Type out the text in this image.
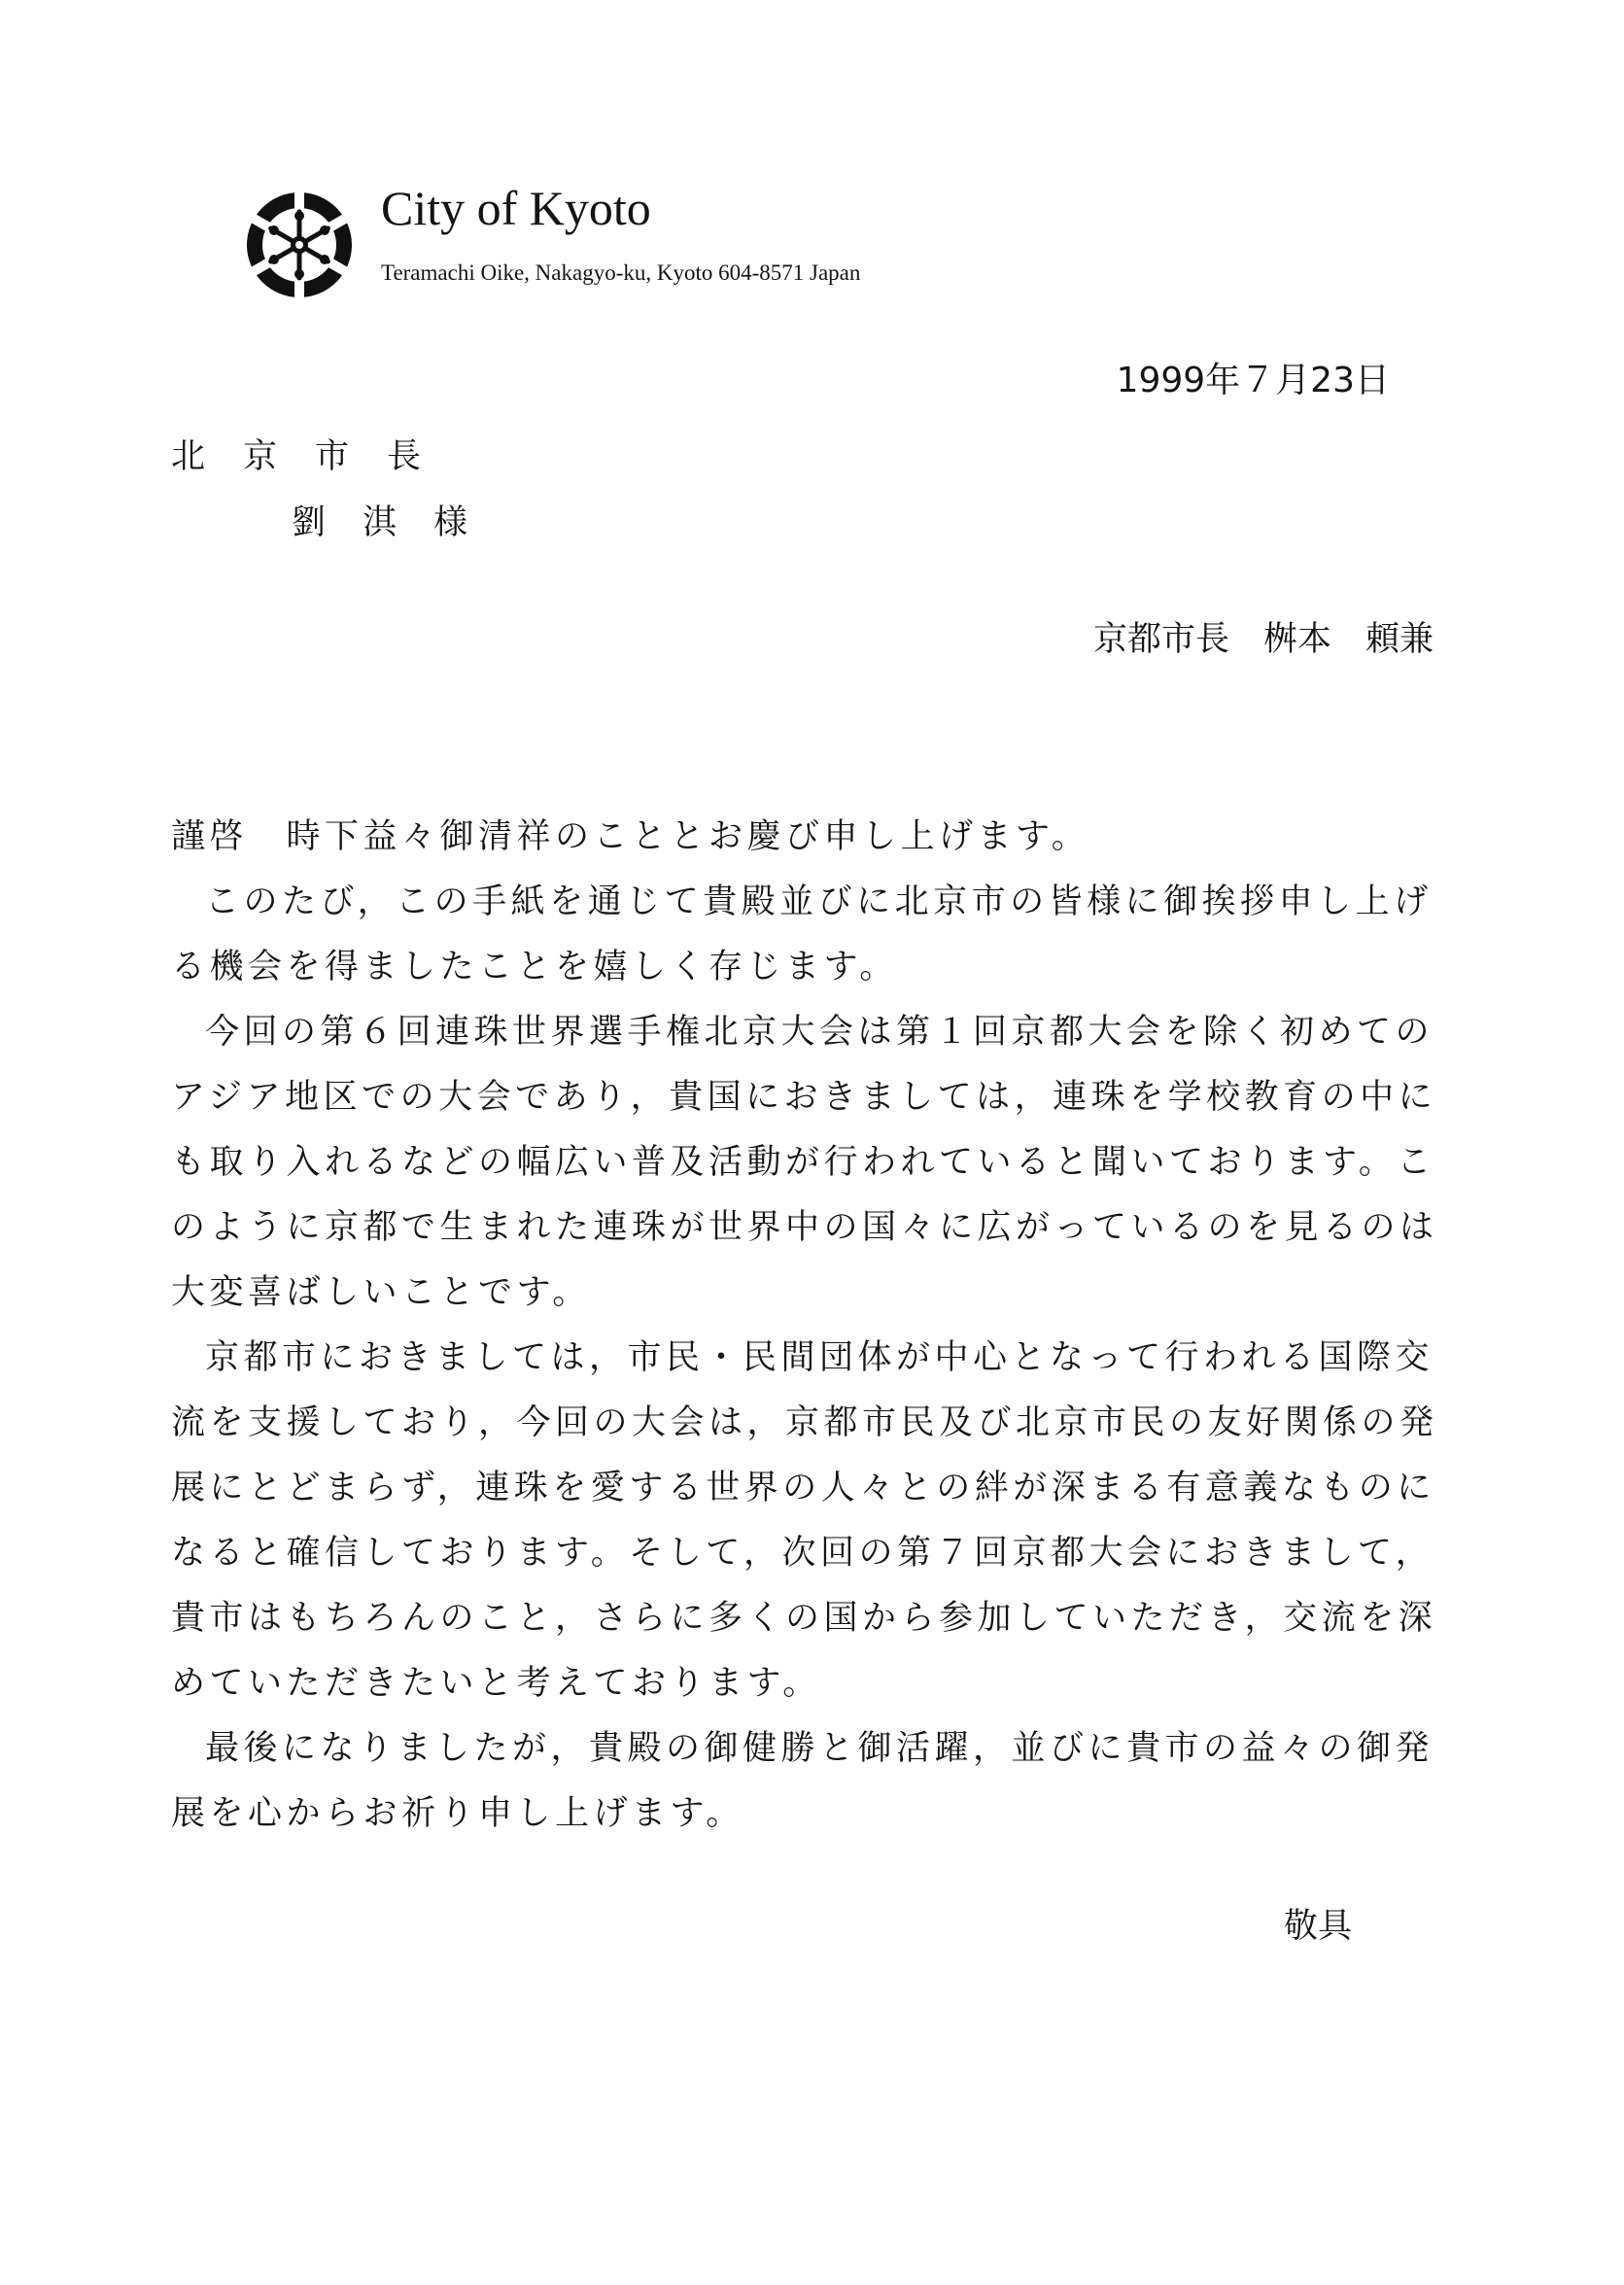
City of Kyoto
Teramachi Oike, Nakagyo-ku, Kyoto 604-8571 Japan
1999年７月23日
北京市長
劉淇様
京都市長　桝本　頼兼

謹啓　時下益々御清祥のこととお慶び申し上げます。

このたび，この手紙を通じて貴殿並びに北京市の皆様に御挨拶申し上げる機会を得ましたことを嬉しく存じます。

今回の第６回連珠世界選手権北京大会は第１回京都大会を除く初めてのアジア地区での大会であり，貴国におきましては，連珠を学校教育の中にも取り入れるなどの幅広い普及活動が行われていると聞いております。このように京都で生まれた連珠が世界中の国々に広がっているのを見るのは大変喜ばしいことです。

京都市におきましては，市民・民間団体が中心となって行われる国際交流を支援しており，今回の大会は，京都市民及び北京市民の友好関係の発展にとどまらず，連珠を愛する世界の人々との絆が深まる有意義なものになると確信しております。そして，次回の第７回京都大会におきまして，貴市はもちろんのこと，さらに多くの国から参加していただき，交流を深めていただきたいと考えております。

最後になりましたが，貴殿の御健勝と御活躍，並びに貴市の益々の御発展を心からお祈り申し上げます。

敬具
